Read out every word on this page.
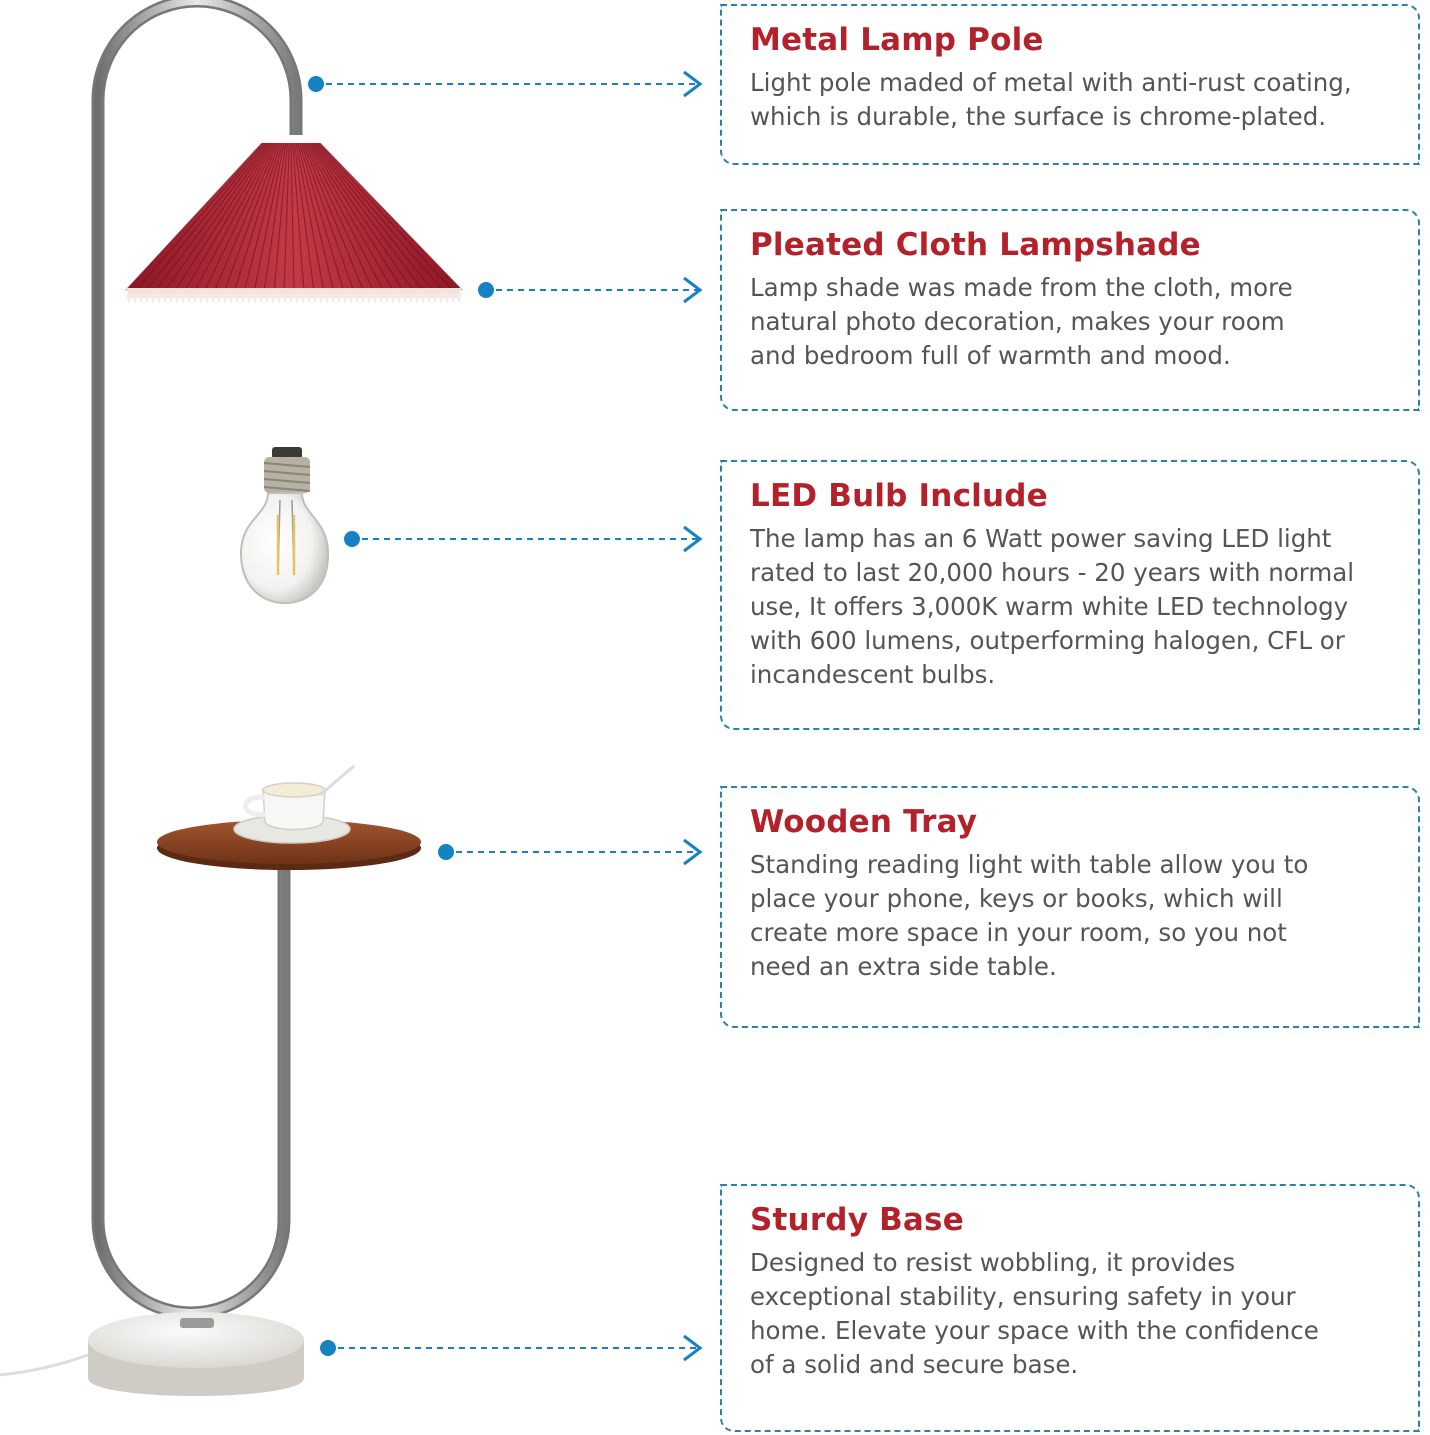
Metal Lamp Pole

Light pole maded of metal with anti-rust coating,
which is durable, the surface is chrome-plated.

Pleated Cloth Lampshade

Lamp shade was made from the cloth, more
natural photo decoration, makes your room
and bedroom full of warmth and mood.

LED Bulb Include

The lamp has an 6 Watt power saving LED light
rated to last 20,000 hours - 20 years with normal
use, It offers 3,000K warm white LED technology
with 600 lumens, outperforming halogen, CFL or
incandescent bulbs.

Wooden Tray

Standing reading light with table allow you to
place your phone, keys or books, which will
create more space in your room, so you not
need an extra side table.

Sturdy Base

Designed to resist wobbling, it provides
exceptional stability, ensuring safety in your
home. Elevate your space with the confidence
of a solid and secure base.
